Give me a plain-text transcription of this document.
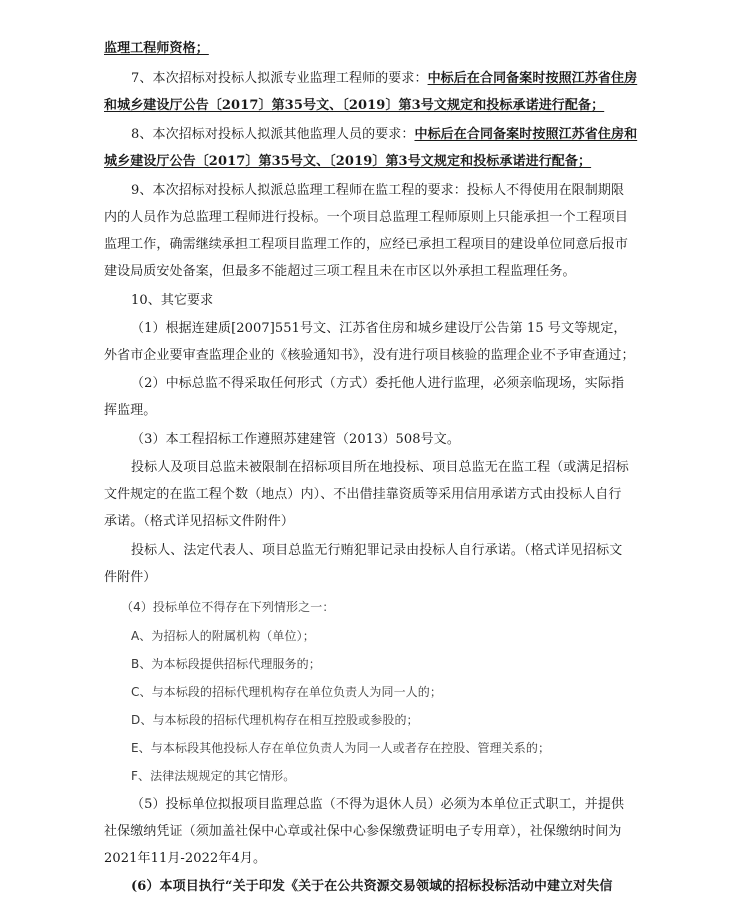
监理工程师资格；
7、本次招标对投标人拟派专业监理工程师的要求：中标后在合同备案时按照江苏省住房
和城乡建设厅公告〔2017〕第35号文、〔2019〕第3号文规定和投标承诺进行配备；
8、本次招标对投标人拟派其他监理人员的要求：中标后在合同备案时按照江苏省住房和
城乡建设厅公告〔2017〕第35号文、〔2019〕第3号文规定和投标承诺进行配备；
9、本次招标对投标人拟派总监理工程师在监工程的要求：投标人不得使用在限制期限
内的人员作为总监理工程师进行投标。一个项目总监理工程师原则上只能承担一个工程项目
监理工作，确需继续承担工程项目监理工作的，应经已承担工程项目的建设单位同意后报市
建设局质安处备案，但最多不能超过三项工程且未在市区以外承担工程监理任务。
10、其它要求
（1）根据连建质[2007]551号文、江苏省住房和城乡建设厅公告第 15 号文等规定，
外省市企业要审查监理企业的《核验通知书》，没有进行项目核验的监理企业不予审查通过；
（2）中标总监不得采取任何形式（方式）委托他人进行监理，必须亲临现场，实际指
挥监理。
（3）本工程招标工作遵照苏建建管（2013）508号文。
投标人及项目总监未被限制在招标项目所在地投标、项目总监无在监工程（或满足招标
文件规定的在监工程个数（地点）内）、不出借挂靠资质等采用信用承诺方式由投标人自行
承诺。（格式详见招标文件附件）
投标人、法定代表人、项目总监无行贿犯罪记录由投标人自行承诺。（格式详见招标文
件附件）
（4）投标单位不得存在下列情形之一：
A、为招标人的附属机构（单位）；
B、为本标段提供招标代理服务的；
C、与本标段的招标代理机构存在单位负责人为同一人的；
D、与本标段的招标代理机构存在相互控股或参股的；
E、与本标段其他投标人存在单位负责人为同一人或者存在控股、管理关系的；
F、法律法规规定的其它情形。
（5）投标单位拟报项目监理总监（不得为退休人员）必须为本单位正式职工，并提供
社保缴纳凭证（须加盖社保中心章或社保中心参保缴费证明电子专用章），社保缴纳时间为
2021年11月-2022年4月。
(6）本项目执行“关于印发《关于在公共资源交易领域的招标投标活动中建立对失信
